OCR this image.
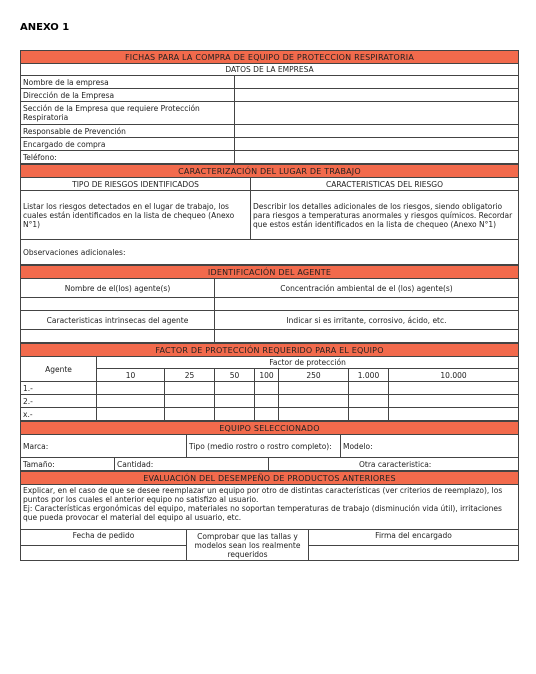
ANEXO 1
FICHAS PARA LA COMPRA DE EQUIPO DE PROTECCION RESPIRATORIA	
DATOS DE LA EMPRESA	
Nombre de la empresa	
Dirección de la Empresa	
Sección de la Empresa que requiere Protección Respiratoria	
Responsable de Prevención	
Encargado de compra	
Teléfono:	
CARACTERIZACIÓN DEL LUGAR DE TRABAJO	
TIPO DE RIESGOS IDENTIFICADOS	CARACTERISTICAS DEL RIESGO
Listar los riesgos detectados en el lugar de trabajo, los cuales están identificados en la lista de chequeo (Anexo N°1)	Describir los detalles adicionales de los riesgos, siendo obligatorio para riesgos a temperaturas anormales y riesgos químicos. Recordar que estos están identificados en la lista de chequeo (Anexo N°1)
Observaciones adicionales:	
IDENTIFICACIÓN DEL AGENTE	
Nombre de el(los) agente(s)	Concentración ambiental de el (los) agente(s)

Caracteristicas intrinsecas del agente	Indicar si es irritante, corrosivo, ácido, etc.

FACTOR DE PROTECCIÓN REQUERIDO PARA EL EQUIPO							
Agente	Factor de protección						
	10	25	50	100	250	1.000	10.000
1.-							
2.-							
x.-							
EQUIPO SELECCIONADO				
Marca:		Tipo (medio rostro o rostro completo):		Modelo:
Tamaño:	Cantidad:		Otra caracteristica:	
EVALUACIÓN DEL DESEMPEÑO DE PRODUCTOS ANTERIORES		

Explicar, en el caso de que se desee reemplazar un equipo por otro de distintas características (ver criterios de reemplazo), los puntos por los cuales el anterior equipo no satisfizo al usuario.
Ej: Características ergonómicas del equipo, materiales no soportan temperaturas de trabajo (disminución vida útil), irritaciones que pueda provocar el material del equipo al usuario, etc.		

Fecha de pedido	Comprobar que las tallas y modelos sean los realmente requeridos	Firma del encargado
